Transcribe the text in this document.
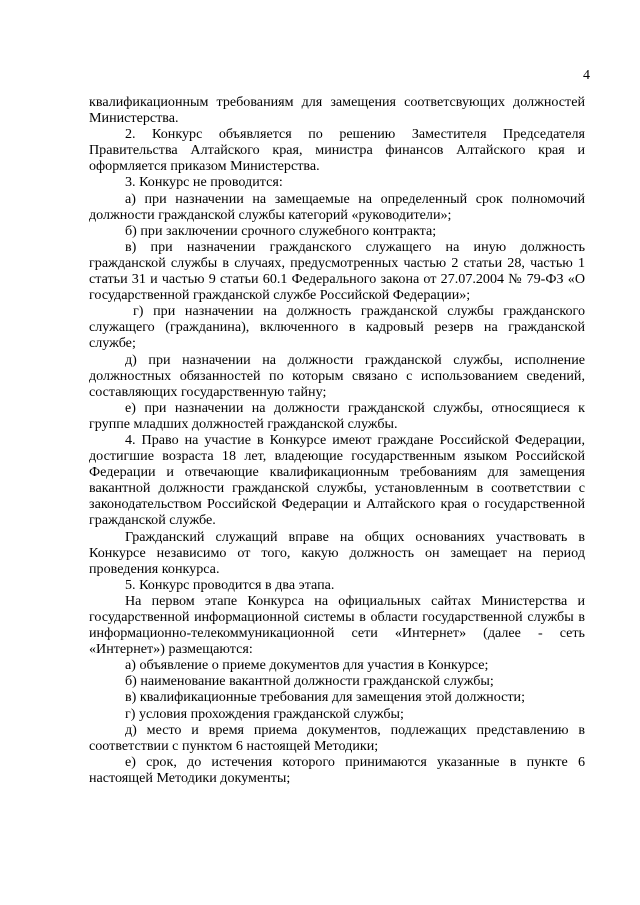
4

квалификационным требованиям для замещения соответсвующих должностей Министерства.

2. Конкурс объявляется по решению Заместителя Председателя Правительства Алтайского края, министра финансов Алтайского края и оформляется приказом Министерства.

3. Конкурс не проводится:

а) при назначении на замещаемые на определенный срок полномочий должности гражданской службы категорий «руководители»;

б) при заключении срочного служебного контракта;

в) при назначении гражданского служащего на иную должность гражданской службы в случаях, предусмотренных частью 2 статьи 28, частью 1 статьи 31 и частью 9 статьи 60.1 Федерального закона от 27.07.2004 № 79-ФЗ «О государственной гражданской службе Российской Федерации»;

г) при назначении на должность гражданской службы гражданского служащего (гражданина), включенного в кадровый резерв на гражданской службе;

д) при назначении на должности гражданской службы, исполнение должностных обязанностей по которым связано с использованием сведений, составляющих государственную тайну;

е) при назначении на должности гражданской службы, относящиеся к группе младших должностей гражданской службы.

4. Право на участие в Конкурсе имеют граждане Российской Федерации, достигшие возраста 18 лет, владеющие государственным языком Российской Федерации и отвечающие квалификационным требованиям для замещения вакантной должности гражданской службы, установленным в соответствии с законодательством Российской Федерации и Алтайского края о государственной гражданской службе.

Гражданский служащий вправе на общих основаниях участвовать в Конкурсе независимо от того, какую должность он замещает на период проведения конкурса.

5. Конкурс проводится в два этапа.

На первом этапе Конкурса на официальных сайтах Министерства и государственной информационной системы в области государственной службы в информационно-телекоммуникационной сети «Интернет» (далее - сеть «Интернет») размещаются:

а) объявление о приеме документов для участия в Конкурсе;

б) наименование вакантной должности гражданской службы;

в) квалификационные требования для замещения этой должности;

г) условия прохождения гражданской службы;

д) место и время приема документов, подлежащих представлению в соответствии с пунктом 6 настоящей Методики;

е) срок, до истечения которого принимаются указанные в пункте 6 настоящей Методики документы;
